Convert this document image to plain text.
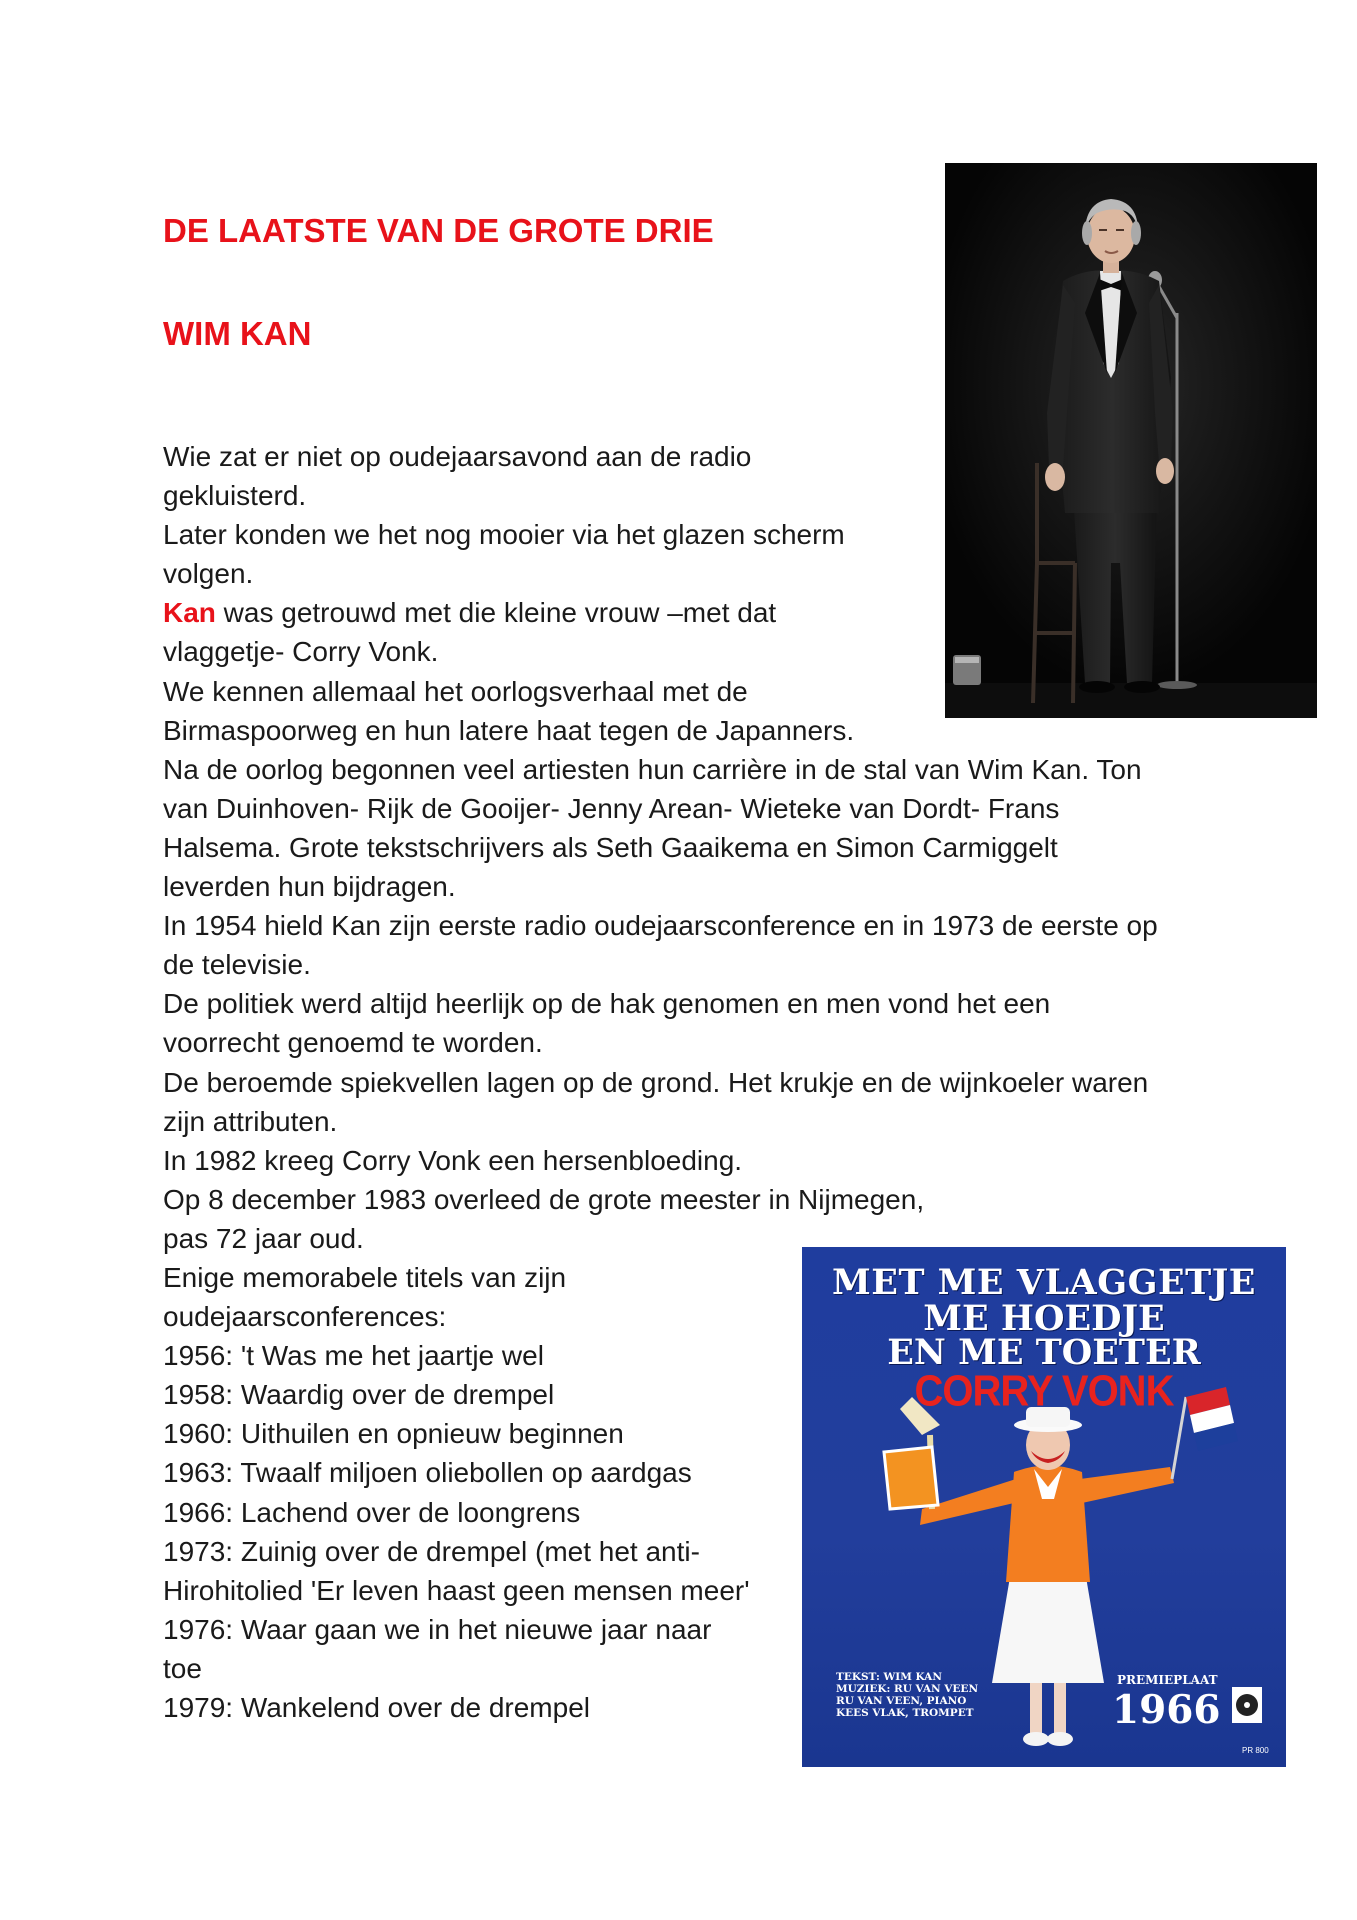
DE LAATSTE VAN DE GROTE DRIE
WIM KAN
Wie zat er niet op oudejaarsavond aan de radio
gekluisterd.
Later konden we het nog mooier via het glazen scherm
volgen.
Kan was getrouwd met die kleine vrouw –met dat
vlaggetje- Corry Vonk.
We kennen allemaal het oorlogsverhaal met de
Birmaspoorweg en hun latere haat tegen de Japanners.
Na de oorlog begonnen veel artiesten hun carrière in de stal van Wim Kan. Ton
van Duinhoven- Rijk de Gooijer- Jenny Arean- Wieteke van Dordt- Frans
Halsema. Grote tekstschrijvers als Seth Gaaikema en Simon Carmiggelt
leverden hun bijdragen.
In 1954 hield Kan zijn eerste radio oudejaarsconference en in 1973 de eerste op
de televisie.
De politiek werd altijd heerlijk op de hak genomen en men vond het een
voorrecht genoemd te worden.
De beroemde spiekvellen lagen op de grond. Het krukje en de wijnkoeler waren
zijn attributen.
In 1982 kreeg Corry Vonk een hersenbloeding.
Op 8 december 1983 overleed de grote meester in Nijmegen,
pas 72 jaar oud.
Enige memorabele titels van zijn
oudejaarsconferences:
1956: 't Was me het jaartje wel
1958: Waardig over de drempel
1960: Uithuilen en opnieuw beginnen
1963: Twaalf miljoen oliebollen op aardgas
1966: Lachend over de loongrens
1973: Zuinig over de drempel (met het anti-
Hirohitolied 'Er leven haast geen mensen meer'
1976: Waar gaan we in het nieuwe jaar naar
toe
1979: Wankelend over de drempel

MET ME VLAGGETJE

ME HOEDJE

EN ME TOETER

CORRY VONK

TEKST: WIM KAN
MUZIEK: RU VAN VEEN
RU VAN VEEN, PIANO
KEES VLAK, TROMPET

PREMIEPLAAT

1966

PR 800
